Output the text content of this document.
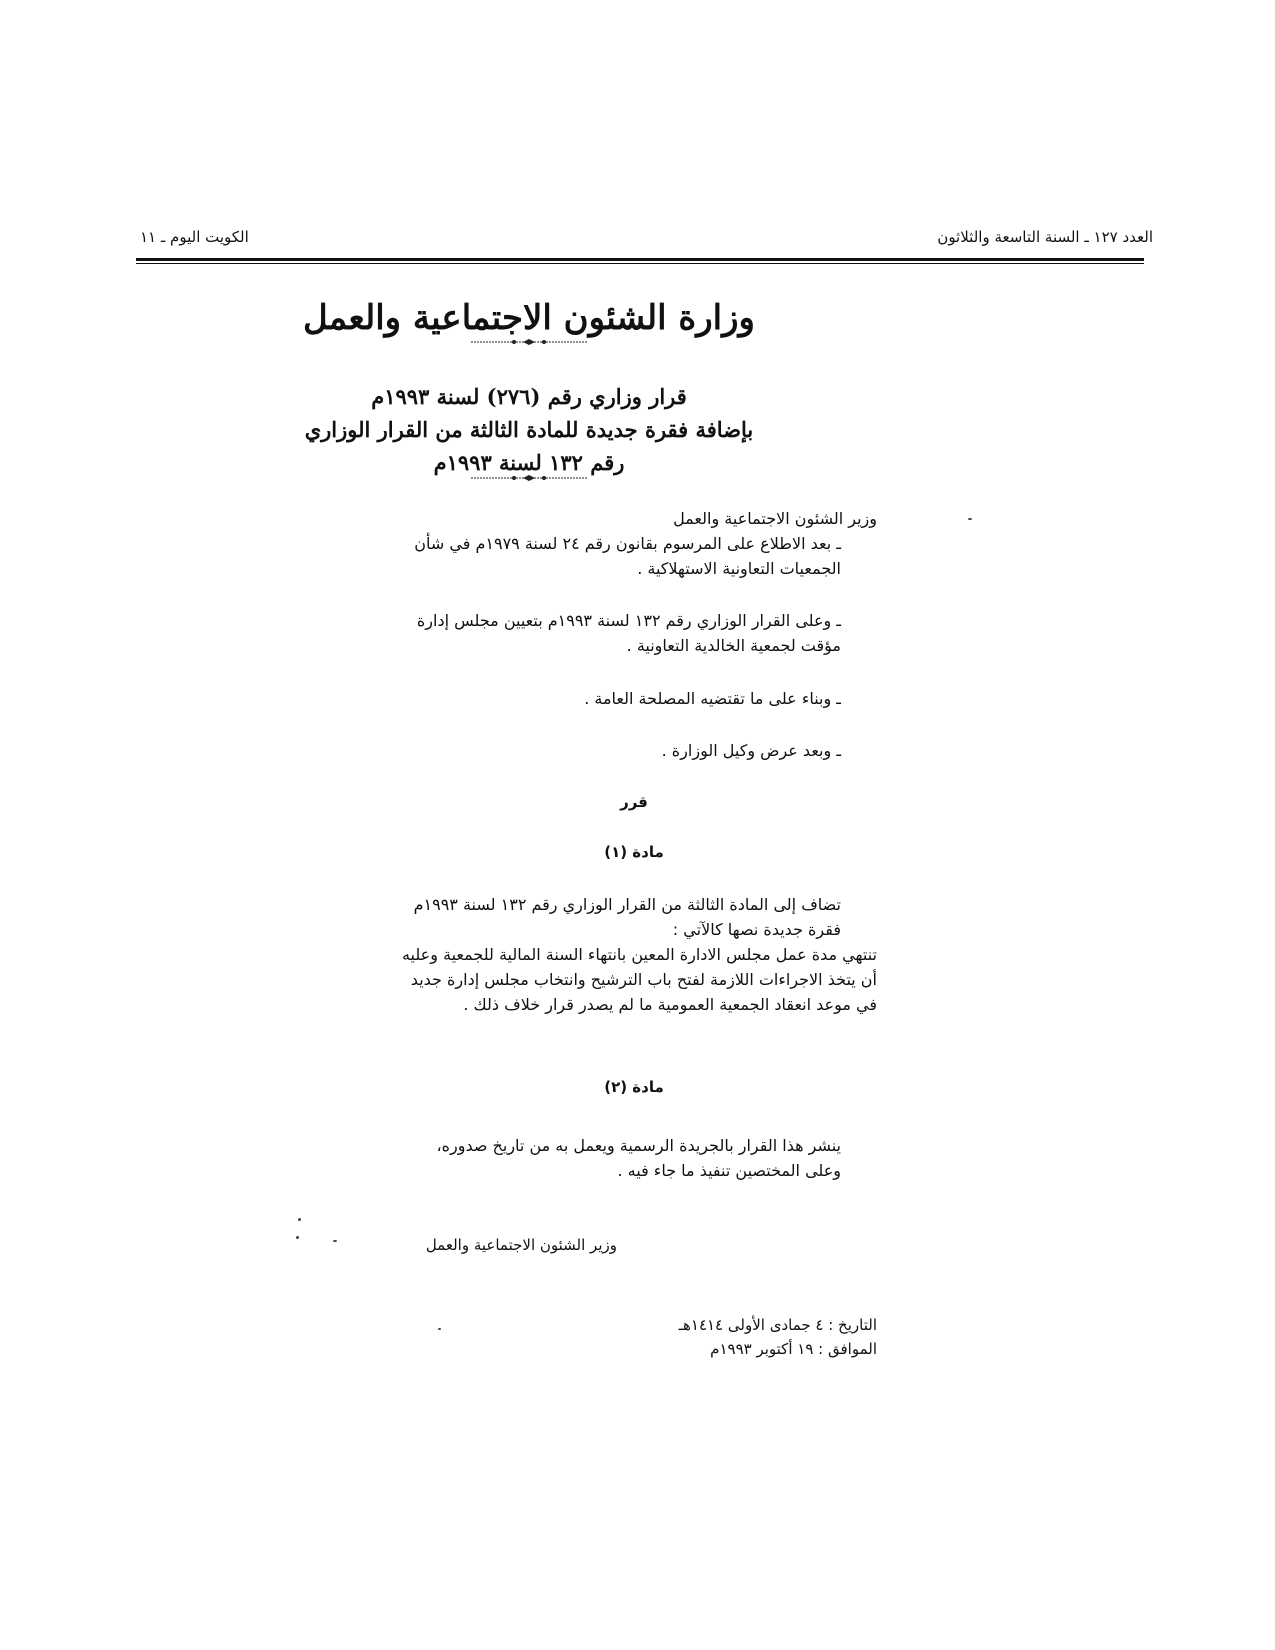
العدد ١٢٧ ـ السنة التاسعة والثلاثون
الكويت اليوم ـ ١١
وزارة الشئون الاجتماعية والعمل
قرار وزاري رقم (٢٧٦) لسنة ١٩٩٣م
بإضافة فقرة جديدة للمادة الثالثة من القرار الوزاري
رقم ١٣٢ لسنة ١٩٩٣م

وزير الشئون الاجتماعية والعمل

ـ بعد الاطلاع على المرسوم بقانون رقم ٢٤ لسنة ١٩٧٩م في شأن الجمعيات التعاونية الاستهلاكية .

ـ وعلى القرار الوزاري رقم ١٣٢ لسنة ١٩٩٣م بتعيين مجلس إدارة مؤقت لجمعية الخالدية التعاونية .

ـ وبناء على ما تقتضيه المصلحة العامة .

ـ وبعد عرض وكيل الوزارة .

قرر
مادة (١)

تضاف إلى المادة الثالثة من القرار الوزاري رقم ١٣٢ لسنة ١٩٩٣م فقرة جديدة نصها كالآتي :

تنتهي مدة عمل مجلس الادارة المعين بانتهاء السنة المالية للجمعية وعليه أن يتخذ الاجراءات اللازمة لفتح باب الترشيح وانتخاب مجلس إدارة جديد في موعد انعقاد الجمعية العمومية ما لم يصدر قرار خلاف ذلك .

مادة (٢)

ينشر هذا القرار بالجريدة الرسمية ويعمل به من تاريخ صدوره، وعلى المختصين تنفيذ ما جاء فيه .

وزير الشئون الاجتماعية والعمل
التاريخ : ٤ جمادى الأولى ١٤١٤هـ
الموافق : ١٩ أكتوبر ١٩٩٣م
